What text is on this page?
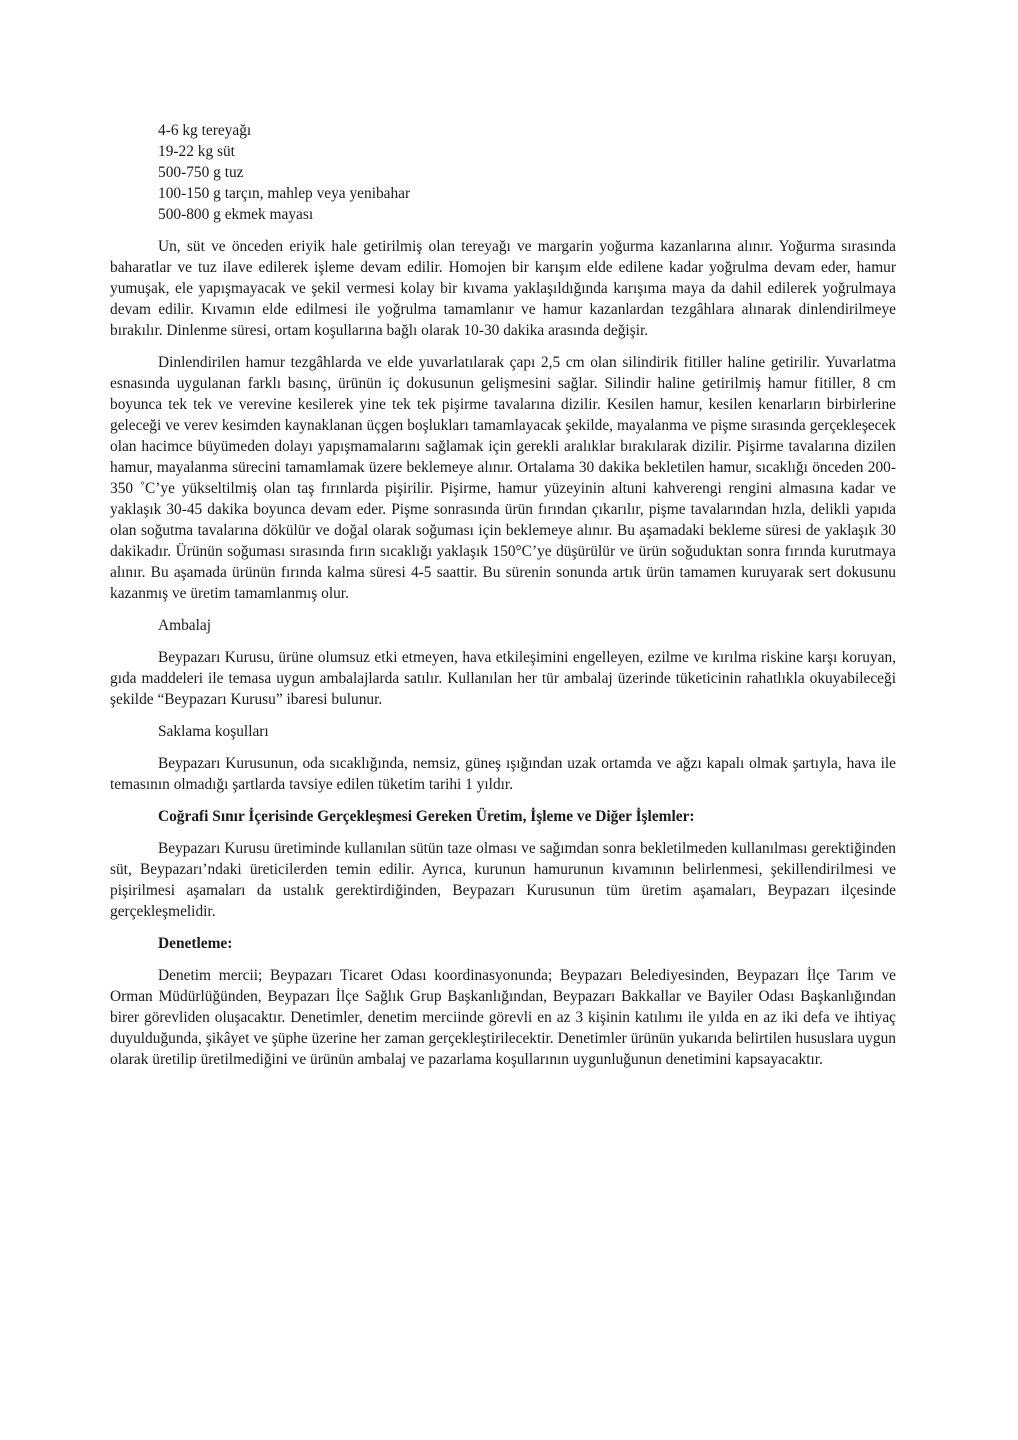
4-6 kg tereyağı
19-22 kg süt
500-750 g tuz
100-150 g tarçın, mahlep veya yenibahar
500-800 g ekmek mayası

Un, süt ve önceden eriyik hale getirilmiş olan tereyağı ve margarin yoğurma kazanlarına alınır. Yoğurma sırasında baharatlar ve tuz ilave edilerek işleme devam edilir. Homojen bir karışım elde edilene kadar yoğrulma devam eder, hamur yumuşak, ele yapışmayacak ve şekil vermesi kolay bir kıvama yaklaşıldığında karışıma maya da dahil edilerek yoğrulmaya devam edilir. Kıvamın elde edilmesi ile yoğrulma tamamlanır ve hamur kazanlardan tezgâhlara alınarak dinlendirilmeye bırakılır. Dinlenme süresi, ortam koşullarına bağlı olarak 10-30 dakika arasında değişir.

Dinlendirilen hamur tezgâhlarda ve elde yuvarlatılarak çapı 2,5 cm olan silindirik fitiller haline getirilir. Yuvarlatma esnasında uygulanan farklı basınç, ürünün iç dokusunun gelişmesini sağlar. Silindir haline getirilmiş hamur fitiller, 8 cm boyunca tek tek ve verevine kesilerek yine tek tek pişirme tavalarına dizilir. Kesilen hamur, kesilen kenarların birbirlerine geleceği ve verev kesimden kaynaklanan üçgen boşlukları tamamlayacak şekilde, mayalanma ve pişme sırasında gerçekleşecek olan hacimce büyümeden dolayı yapışmamalarını sağlamak için gerekli aralıklar bırakılarak dizilir. Pişirme tavalarına dizilen hamur, mayalanma sürecini tamamlamak üzere beklemeye alınır. Ortalama 30 dakika bekletilen hamur, sıcaklığı önceden 200-350 ˚C’ye yükseltilmiş olan taş fırınlarda pişirilir. Pişirme, hamur yüzeyinin altuni kahverengi rengini almasına kadar ve yaklaşık 30-45 dakika boyunca devam eder. Pişme sonrasında ürün fırından çıkarılır, pişme tavalarından hızla, delikli yapıda olan soğutma tavalarına dökülür ve doğal olarak soğuması için beklemeye alınır. Bu aşamadaki bekleme süresi de yaklaşık 30 dakikadır. Ürünün soğuması sırasında fırın sıcaklığı yaklaşık 150°C’ye düşürülür ve ürün soğuduktan sonra fırında kurutmaya alınır. Bu aşamada ürünün fırında kalma süresi 4-5 saattir. Bu sürenin sonunda artık ürün tamamen kuruyarak sert dokusunu kazanmış ve üretim tamamlanmış olur.

Ambalaj

Beypazarı Kurusu, ürüne olumsuz etki etmeyen, hava etkileşimini engelleyen, ezilme ve kırılma riskine karşı koruyan, gıda maddeleri ile temasa uygun ambalajlarda satılır. Kullanılan her tür ambalaj üzerinde tüketicinin rahatlıkla okuyabileceği şekilde “Beypazarı Kurusu” ibaresi bulunur.

Saklama koşulları

Beypazarı Kurusunun, oda sıcaklığında, nemsiz, güneş ışığından uzak ortamda ve ağzı kapalı olmak şartıyla, hava ile temasının olmadığı şartlarda tavsiye edilen tüketim tarihi 1 yıldır.

Coğrafi Sınır İçerisinde Gerçekleşmesi Gereken Üretim, İşleme ve Diğer İşlemler:

Beypazarı Kurusu üretiminde kullanılan sütün taze olması ve sağımdan sonra bekletilmeden kullanılması gerektiğinden süt, Beypazarı’ndaki üreticilerden temin edilir. Ayrıca, kurunun hamurunun kıvamının belirlenmesi, şekillendirilmesi ve pişirilmesi aşamaları da ustalık gerektirdiğinden, Beypazarı Kurusunun tüm üretim aşamaları, Beypazarı ilçesinde gerçekleşmelidir.

Denetleme:

Denetim mercii; Beypazarı Ticaret Odası koordinasyonunda; Beypazarı Belediyesinden, Beypazarı İlçe Tarım ve Orman Müdürlüğünden, Beypazarı İlçe Sağlık Grup Başkanlığından, Beypazarı Bakkallar ve Bayiler Odası Başkanlığından birer görevliden oluşacaktır. Denetimler, denetim merciinde görevli en az 3 kişinin katılımı ile yılda en az iki defa ve ihtiyaç duyulduğunda, şikâyet ve şüphe üzerine her zaman gerçekleştirilecektir. Denetimler ürünün yukarıda belirtilen hususlara uygun olarak üretilip üretilmediğini ve ürünün ambalaj ve pazarlama koşullarının uygunluğunun denetimini kapsayacaktır.
